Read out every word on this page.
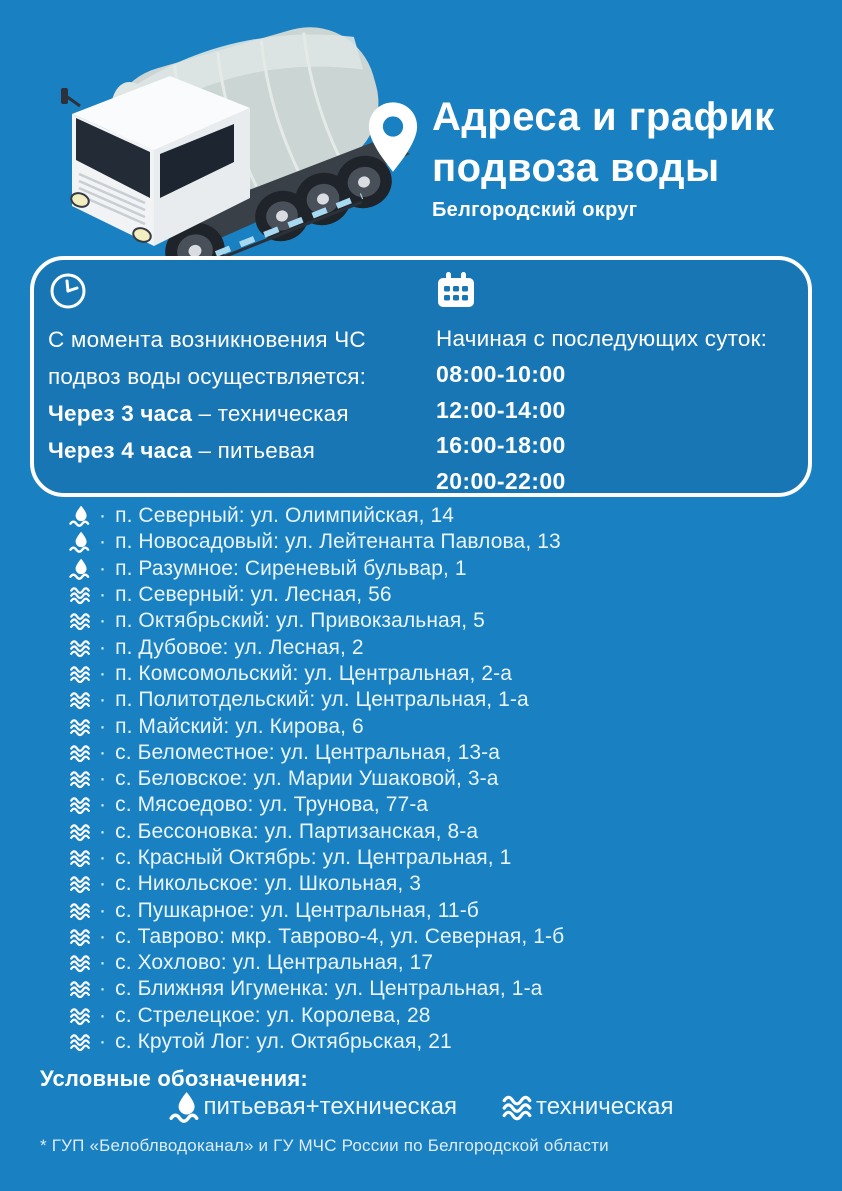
Адреса и график
подвоза воды
Белгородский округ

С момента возникновения ЧС

подвоз воды осуществляется:

Через 3 часа – техническая

Через 4 часа – питьевая

Начиная с последующих суток:

08:00-10:00
12:00-14:00
16:00-18:00
20:00-22:00
· п. Северный: ул. Олимпийская, 14
· п. Новосадовый: ул. Лейтенанта Павлова, 13
· п. Разумное: Сиреневый бульвар, 1
· п. Северный: ул. Лесная, 56
· п. Октябрьский: ул. Привокзальная, 5
· п. Дубовое: ул. Лесная, 2
· п. Комсомольский: ул. Центральная, 2-а
· п. Политотдельский: ул. Центральная, 1-а
· п. Майский: ул. Кирова, 6
· с. Беломестное: ул. Центральная, 13-а
· с. Беловское: ул. Марии Ушаковой, 3-а
· с. Мясоедово: ул. Трунова, 77-а
· с. Бессоновка: ул. Партизанская, 8-а
· с. Красный Октябрь: ул. Центральная, 1
· с. Никольское: ул. Школьная, 3
· с. Пушкарное: ул. Центральная, 11-б
· с. Таврово: мкр. Таврово-4, ул. Северная, 1-б
· с. Хохлово: ул. Центральная, 17
· с. Ближняя Игуменка: ул. Центральная, 1-а
· с. Стрелецкое: ул. Королева, 28
· с. Крутой Лог: ул. Октябрьская, 21
Условные обозначения:
питьевая+техническая	техническая
* ГУП «Белоблводоканал» и ГУ МЧС России по Белгородской области
